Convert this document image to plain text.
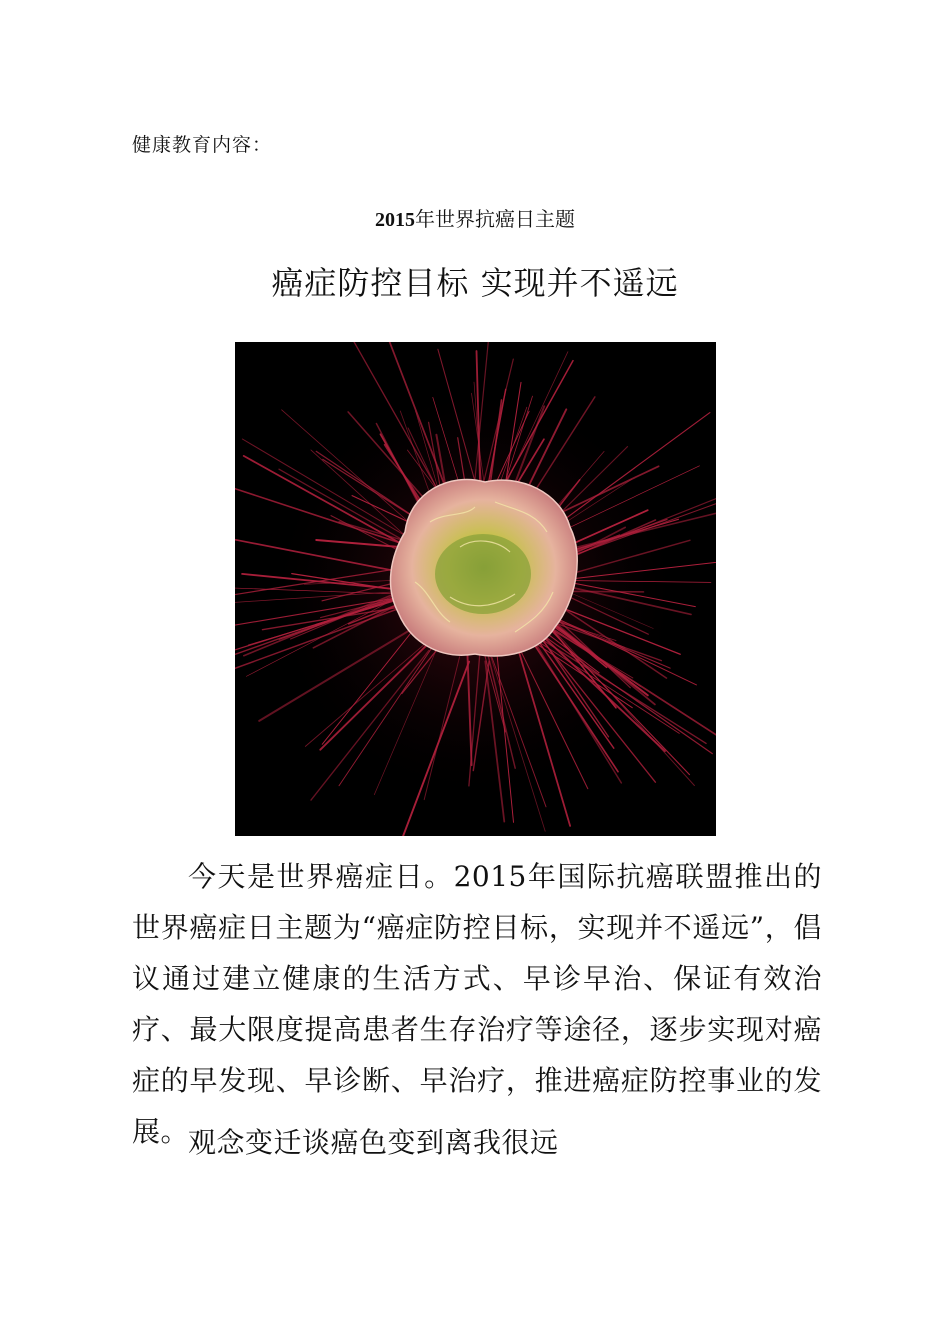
健康教育内容：
2015年世界抗癌日主题
癌症防控目标 实现并不遥远
今天是世界癌症日。2015年国际抗癌联盟推出的世界癌症日主题为“癌症防控目标，实现并不遥远”，倡议通过建立健康的生活方式、早诊早治、保证有效治疗、最大限度提高患者生存治疗等途径，逐步实现对癌症的早发现、早诊断、早治疗，推进癌症防控事业的发展。
观念变迁谈癌色变到离我很远
